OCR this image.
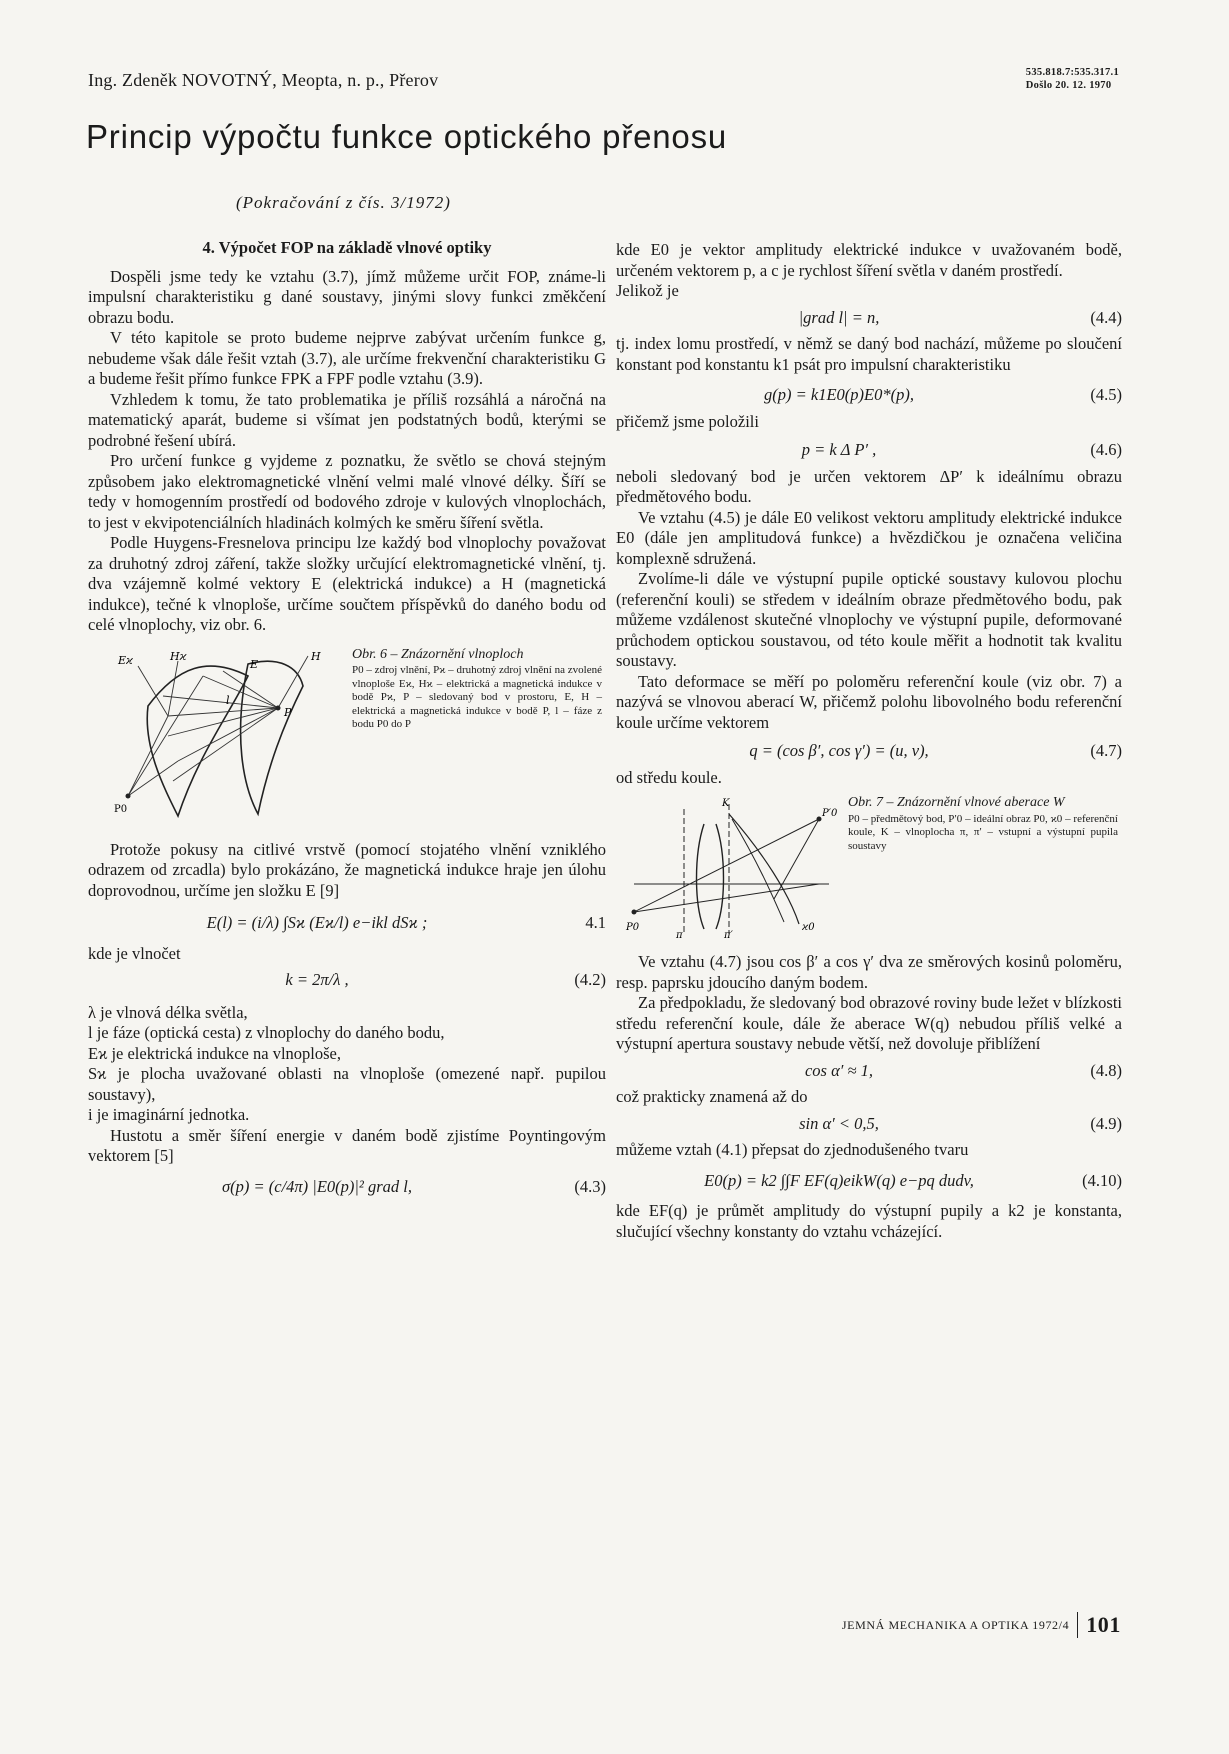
Ing. Zdeněk NOVOTNÝ, Meopta, n. p., Přerov	535.818.7:535.317.1
Došlo 20. 12. 1970
Princip výpočtu funkce optického přenosu
(Pokračování z čís. 3/1972)

4. Výpočet FOP na základě vlnové optiky

Dospěli jsme tedy ke vztahu (3.7), jímž můžeme určit FOP, známe-li impulsní charakteristiku g dané soustavy, jinými slovy funkci změkčení obrazu bodu.

V této kapitole se proto budeme nejprve zabývat určením funkce g, nebudeme však dále řešit vztah (3.7), ale určíme frekvenční charakteristiku G a budeme řešit přímo funkce FPK a FPF podle vztahu (3.9).

Vzhledem k tomu, že tato problematika je příliš rozsáhlá a náročná na matematický aparát, budeme si všímat jen podstatných bodů, kterými se podrobné řešení ubírá.

Pro určení funkce g vyjdeme z poznatku, že světlo se chová stejným způsobem jako elektromagnetické vlnění velmi malé vlnové délky. Šíří se tedy v homogenním prostředí od bodového zdroje v kulových vlnoplochách, to jest v ekvipotenciálních hladinách kolmých ke směru šíření světla.

Podle Huygens-Fresnelova principu lze každý bod vlnoplochy považovat za druhotný zdroj záření, takže složky určující elektromagnetické vlnění, tj. dva vzájemně kolmé vektory E (elektrická indukce) a H (magnetická indukce), tečné k vlnoploše, určíme součtem příspěvků do daného bodu od celé vlnoplochy, viz obr. 6.

Eϰ	Hϰ
E
H
P
l
P0
Obr. 6 – Znázornění vlnoploch
P0 – zdroj vlnění, Pϰ – druhotný zdroj vlnění na zvolené vlnoploše Eϰ, Hϰ – elektrická a magnetická indukce v bodě Pϰ, P – sledovaný bod v prostoru, E, H – elektrická a magnetická indukce v bodě P, l – fáze z bodu P0 do P

Protože pokusy na citlivé vrstvě (pomocí stojatého vlnění vzniklého odrazem od zrcadla) bylo prokázáno, že magnetická indukce hraje jen úlohu doprovodnou, určíme jen složku E [9]

E(l) = (i/λ) ∫Sϰ (Eϰ/l) e−ikl dSϰ ;	4.1

kde je vlnočet

k = 2π/λ ,	(4.2)

λ je vlnová délka světla,

l je fáze (optická cesta) z vlnoplochy do daného bodu,

Eϰ je elektrická indukce na vlnoploše,

Sϰ je plocha uvažované oblasti na vlnoploše (omezené např. pupilou soustavy),

i je imaginární jednotka.

Hustotu a směr šíření energie v daném bodě zjistíme Poyntingovým vektorem [5]

σ(p) = (c/4π) |E0(p)|² grad l,	(4.3)

kde E0 je vektor amplitudy elektrické indukce v uvažovaném bodě, určeném vektorem p, a c je rychlost šíření světla v daném prostředí.

Jelikož je

|grad l| = n,	(4.4)

tj. index lomu prostředí, v němž se daný bod nachází, můžeme po sloučení konstant pod konstantu k1 psát pro impulsní charakteristiku

g(p) = k1E0(p)E0*(p),	(4.5)

přičemž jsme položili

p = k Δ P′ ,	(4.6)

neboli sledovaný bod je určen vektorem ΔP′ k ideálnímu obrazu předmětového bodu.

Ve vztahu (4.5) je dále E0 velikost vektoru amplitudy elektrické indukce E0 (dále jen amplitudová funkce) a hvězdičkou je označena veličina komplexně sdružená.

Zvolíme-li dále ve výstupní pupile optické soustavy kulovou plochu (referenční kouli) se středem v ideálním obraze předmětového bodu, pak můžeme vzdálenost skutečné vlnoplochy ve výstupní pupile, deformované průchodem optickou soustavou, od této koule měřit a hodnotit tak kvalitu soustavy.

Tato deformace se měří po poloměru referenční koule (viz obr. 7) a nazývá se vlnovou aberací W, přičemž polohu libovolného bodu referenční koule určíme vektorem

q = (cos β′, cos γ′) = (u, v),	(4.7)

od středu koule.

P0
P′0
π	π′
ϰ0
K	Obr. 7 – Znázornění vlnové aberace W
P0 – předmětový bod, P′0 – ideální obraz P0, ϰ0 – referenční koule, K – vlnoplocha π, π′ – vstupní a výstupní pupila soustavy

Ve vztahu (4.7) jsou cos β′ a cos γ′ dva ze směrových kosinů poloměru, resp. paprsku jdoucího daným bodem.

Za předpokladu, že sledovaný bod obrazové roviny bude ležet v blízkosti středu referenční koule, dále že aberace W(q) nebudou příliš velké a výstupní apertura soustavy nebude větší, než dovoluje přiblížení

cos α′ ≈ 1,	(4.8)

což prakticky znamená až do

sin α′ < 0,5,	(4.9)

můžeme vztah (4.1) přepsat do zjednodušeného tvaru

E0(p) = k2 ∫∫F EF(q)eikW(q) e−pq dudv,	(4.10)

kde EF(q) je průmět amplitudy do výstupní pupily a k2 je konstanta, slučující všechny konstanty do vztahu vcházející.

JEMNÁ MECHANIKA A OPTIKA 1972/4 101
